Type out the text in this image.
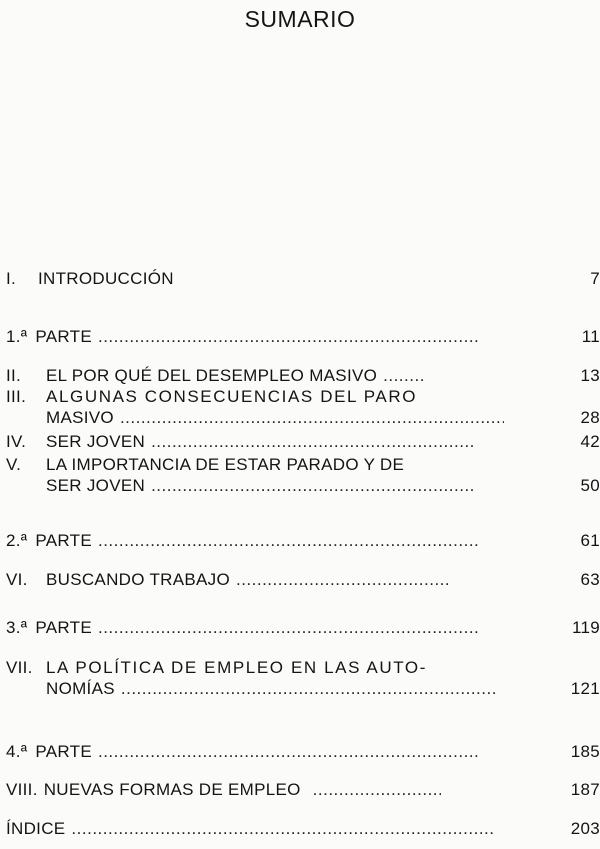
SUMARIO
I.	INTRODUCCIÓN	7
1.ª PARTE .....	11
II.	EL POR QUÉ DEL DESEMPLEO MASIVO .....	13
III.	ALGUNAS CONSECUENCIAS DEL PARO
MASIVO .....	28
IV.	SER JOVEN .....	42
V.	LA IMPORTANCIA DE ESTAR PARADO Y DE
SER JOVEN .....	50
2.ª PARTE .....	61
VI.	BUSCANDO TRABAJO .....	63
3.ª PARTE .....	119
VII. LA POLÍTICA DE EMPLEO EN LAS AUTO-
NOMÍAS .....	121
4.ª PARTE .....	185
VIII. NUEVAS FORMAS DE EMPLEO .....	187
ÍNDICE .....	203
